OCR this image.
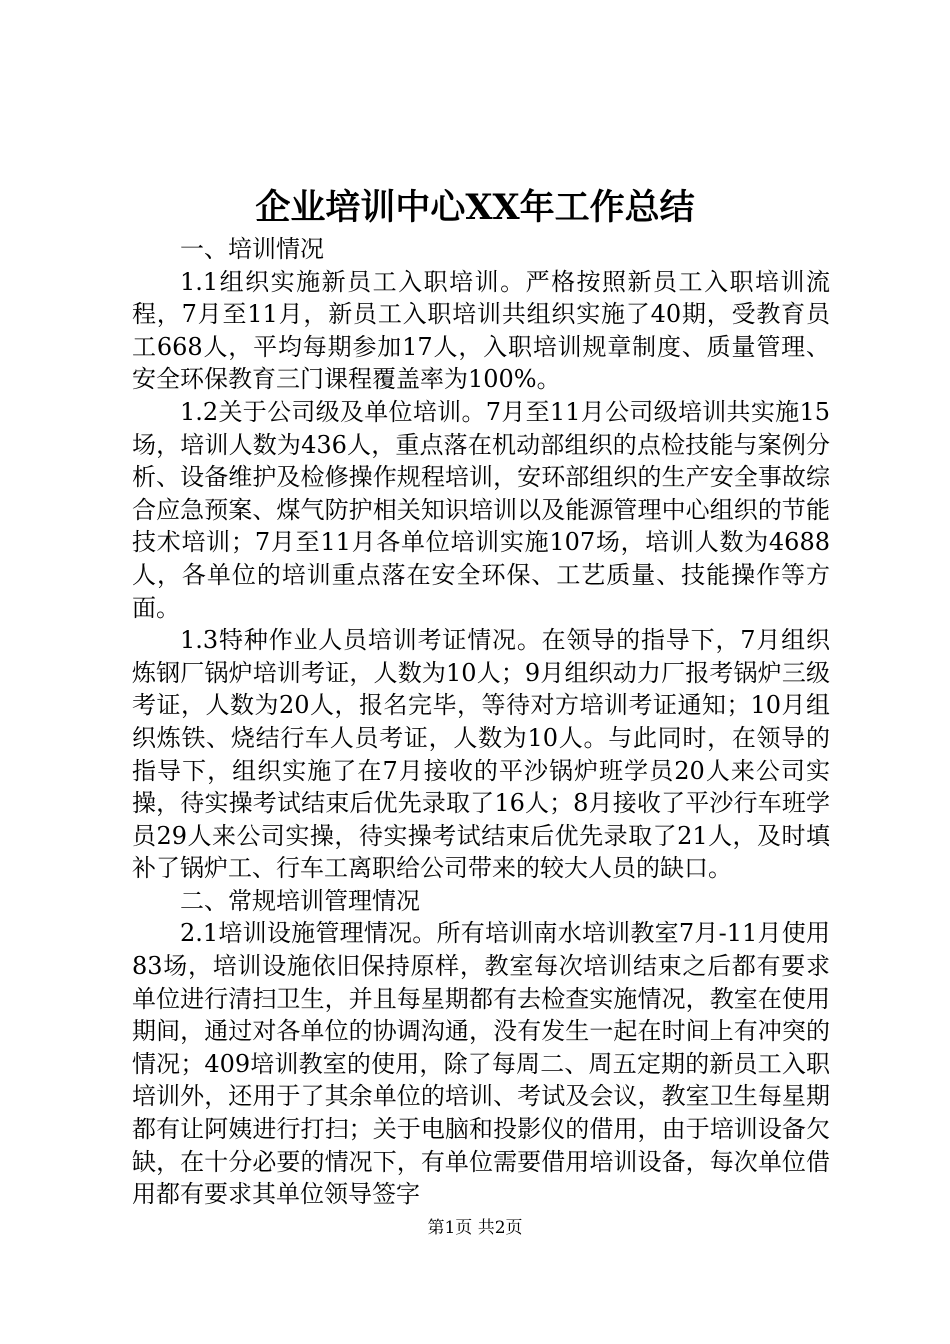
企业培训中心XX年工作总结

一、培训情况

1.1组织实施新员工入职培训。严格按照新员工入职培训流程，7月至11月，新员工入职培训共组织实施了40期，受教育员工668人，平均每期参加17人，入职培训规章制度、质量管理、安全环保教育三门课程覆盖率为100%。

1.2关于公司级及单位培训。7月至11月公司级培训共实施15场，培训人数为436人，重点落在机动部组织的点检技能与案例分析、设备维护及检修操作规程培训，安环部组织的生产安全事故综合应急预案、煤气防护相关知识培训以及能源管理中心组织的节能技术培训；7月至11月各单位培训实施107场，培训人数为4688人，各单位的培训重点落在安全环保、工艺质量、技能操作等方面。

1.3特种作业人员培训考证情况。在领导的指导下，7月组织炼钢厂锅炉培训考证，人数为10人；9月组织动力厂报考锅炉三级考证，人数为20人，报名完毕，等待对方培训考证通知；10月组织炼铁、烧结行车人员考证，人数为10人。与此同时，在领导的指导下，组织实施了在7月接收的平沙锅炉班学员20人来公司实操，待实操考试结束后优先录取了16人；8月接收了平沙行车班学员29人来公司实操，待实操考试结束后优先录取了21人，及时填补了锅炉工、行车工离职给公司带来的较大人员的缺口。

二、常规培训管理情况

2.1培训设施管理情况。所有培训南水培训教室7月-11月使用83场，培训设施依旧保持原样，教室每次培训结束之后都有要求单位进行清扫卫生，并且每星期都有去检查实施情况，教室在使用期间，通过对各单位的协调沟通，没有发生一起在时间上有冲突的情况；409培训教室的使用，除了每周二、周五定期的新员工入职培训外，还用于了其余单位的培训、考试及会议，教室卫生每星期都有让阿姨进行打扫；关于电脑和投影仪的借用，由于培训设备欠缺，在十分必要的情况下，有单位需要借用培训设备，每次单位借用都有要求其单位领导签字

第1页 共2页
